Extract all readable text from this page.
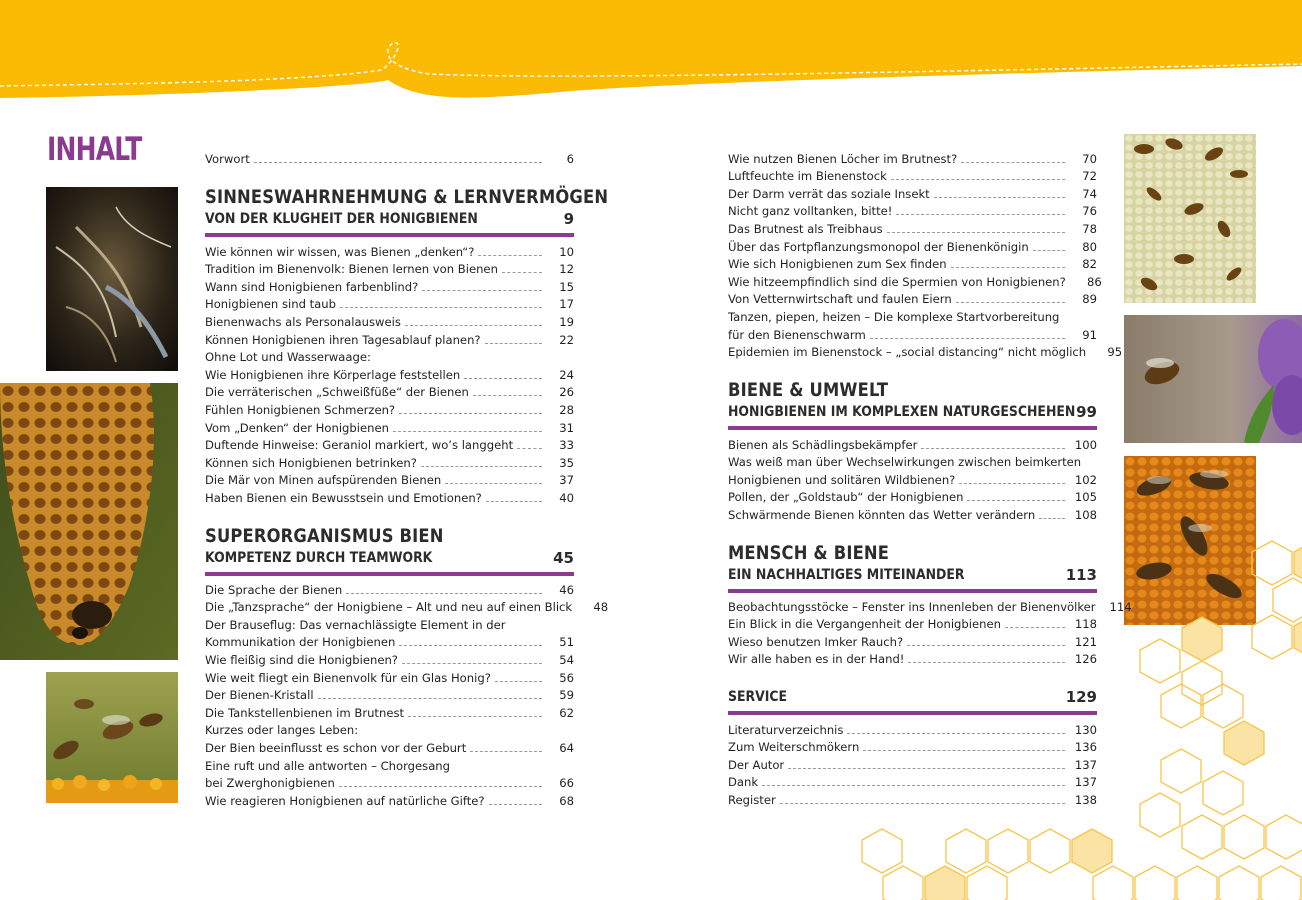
INHALT	Vorwort	6
SINNESWAHRNEHMUNG & LERNVERMÖGEN
VON DER KLUGHEIT DER HONIGBIENEN	9
Wie können wir wissen, was Bienen „denken“?	10
Tradition im Bienenvolk: Bienen lernen von Bienen	12
Wann sind Honigbienen farbenblind?	15
Honigbienen sind taub	17
Bienenwachs als Personalausweis	19
Können Honigbienen ihren Tagesablauf planen?	22
Ohne Lot und Wasserwaage:
Wie Honigbienen ihre Körperlage feststellen	24
Die verräterischen „Schweißfüße“ der Bienen	26
Fühlen Honigbienen Schmerzen?	28
Vom „Denken“ der Honigbienen	31
Duftende Hinweise: Geraniol markiert, wo’s langgeht	33
Können sich Honigbienen betrinken?	35
Die Mär von Minen aufspürenden Bienen	37
Haben Bienen ein Bewusstsein und Emotionen?	40
SUPERORGANISMUS BIEN
KOMPETENZ DURCH TEAMWORK	45
Die Sprache der Bienen	46
Die „Tanzsprache“ der Honigbiene – Alt und neu auf einen Blick	48
Der Brauseflug: Das vernachlässigte Element in der
Kommunikation der Honigbienen	51
Wie fleißig sind die Honigbienen?	54
Wie weit fliegt ein Bienenvolk für ein Glas Honig?	56
Der Bienen-Kristall	59
Die Tankstellenbienen im Brutnest	62
Kurzes oder langes Leben:
Der Bien beeinflusst es schon vor der Geburt	64
Eine ruft und alle antworten – Chorgesang
bei Zwerghonigbienen	66
Wie reagieren Honigbienen auf natürliche Gifte?	68
Wie nutzen Bienen Löcher im Brutnest?	70
Luftfeuchte im Bienenstock	72
Der Darm verrät das soziale Insekt	74
Nicht ganz volltanken, bitte!	76
Das Brutnest als Treibhaus	78
Über das Fortpflanzungsmonopol der Bienenkönigin	80
Wie sich Honigbienen zum Sex finden	82
Wie hitzeempfindlich sind die Spermien von Honigbienen?	86
Von Vetternwirtschaft und faulen Eiern	89
Tanzen, piepen, heizen – Die komplexe Startvorbereitung
für den Bienenschwarm	91
Epidemien im Bienenstock – „social distancing“ nicht möglich	95
BIENE & UMWELT
HONIGBIENEN IM KOMPLEXEN NATURGESCHEHEN 99
Bienen als Schädlingsbekämpfer	100
Was weiß man über Wechselwirkungen zwischen beimkerten
Honigbienen und solitären Wildbienen?	102
Pollen, der „Goldstaub“ der Honigbienen	105
Schwärmende Bienen könnten das Wetter verändern	108
MENSCH & BIENE
EIN NACHHALTIGES MITEINANDER	113
Beobachtungsstöcke – Fenster ins Innenleben der Bienenvölker 114
Ein Blick in die Vergangenheit der Honigbienen	118
Wieso benutzen Imker Rauch?	121
Wir alle haben es in der Hand!	126
SERVICE	129
Literaturverzeichnis	130
Zum Weiterschmökern	136
Der Autor	137
Dank	137
Register	138
